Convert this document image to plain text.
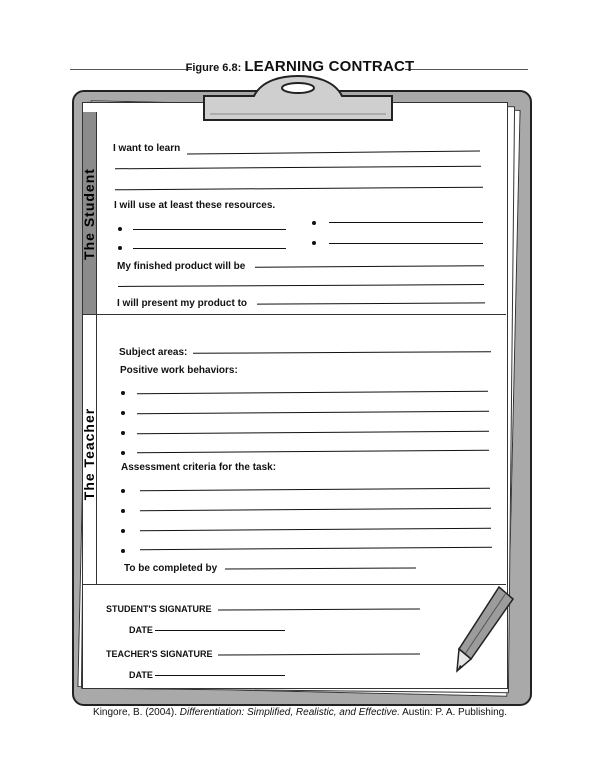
Figure 6.8: LEARNING CONTRACT
The Student
The Teacher
I want to learn
I will use at least these resources.
My finished product will be
I will present my product to
Subject areas:
Positive work behaviors:
Assessment criteria for the task:
To be completed by
STUDENT'S SIGNATURE
DATE
TEACHER'S SIGNATURE
DATE
Kingore, B. (2004). Differentiation: Simplified, Realistic, and Effective. Austin: P. A. Publishing.
